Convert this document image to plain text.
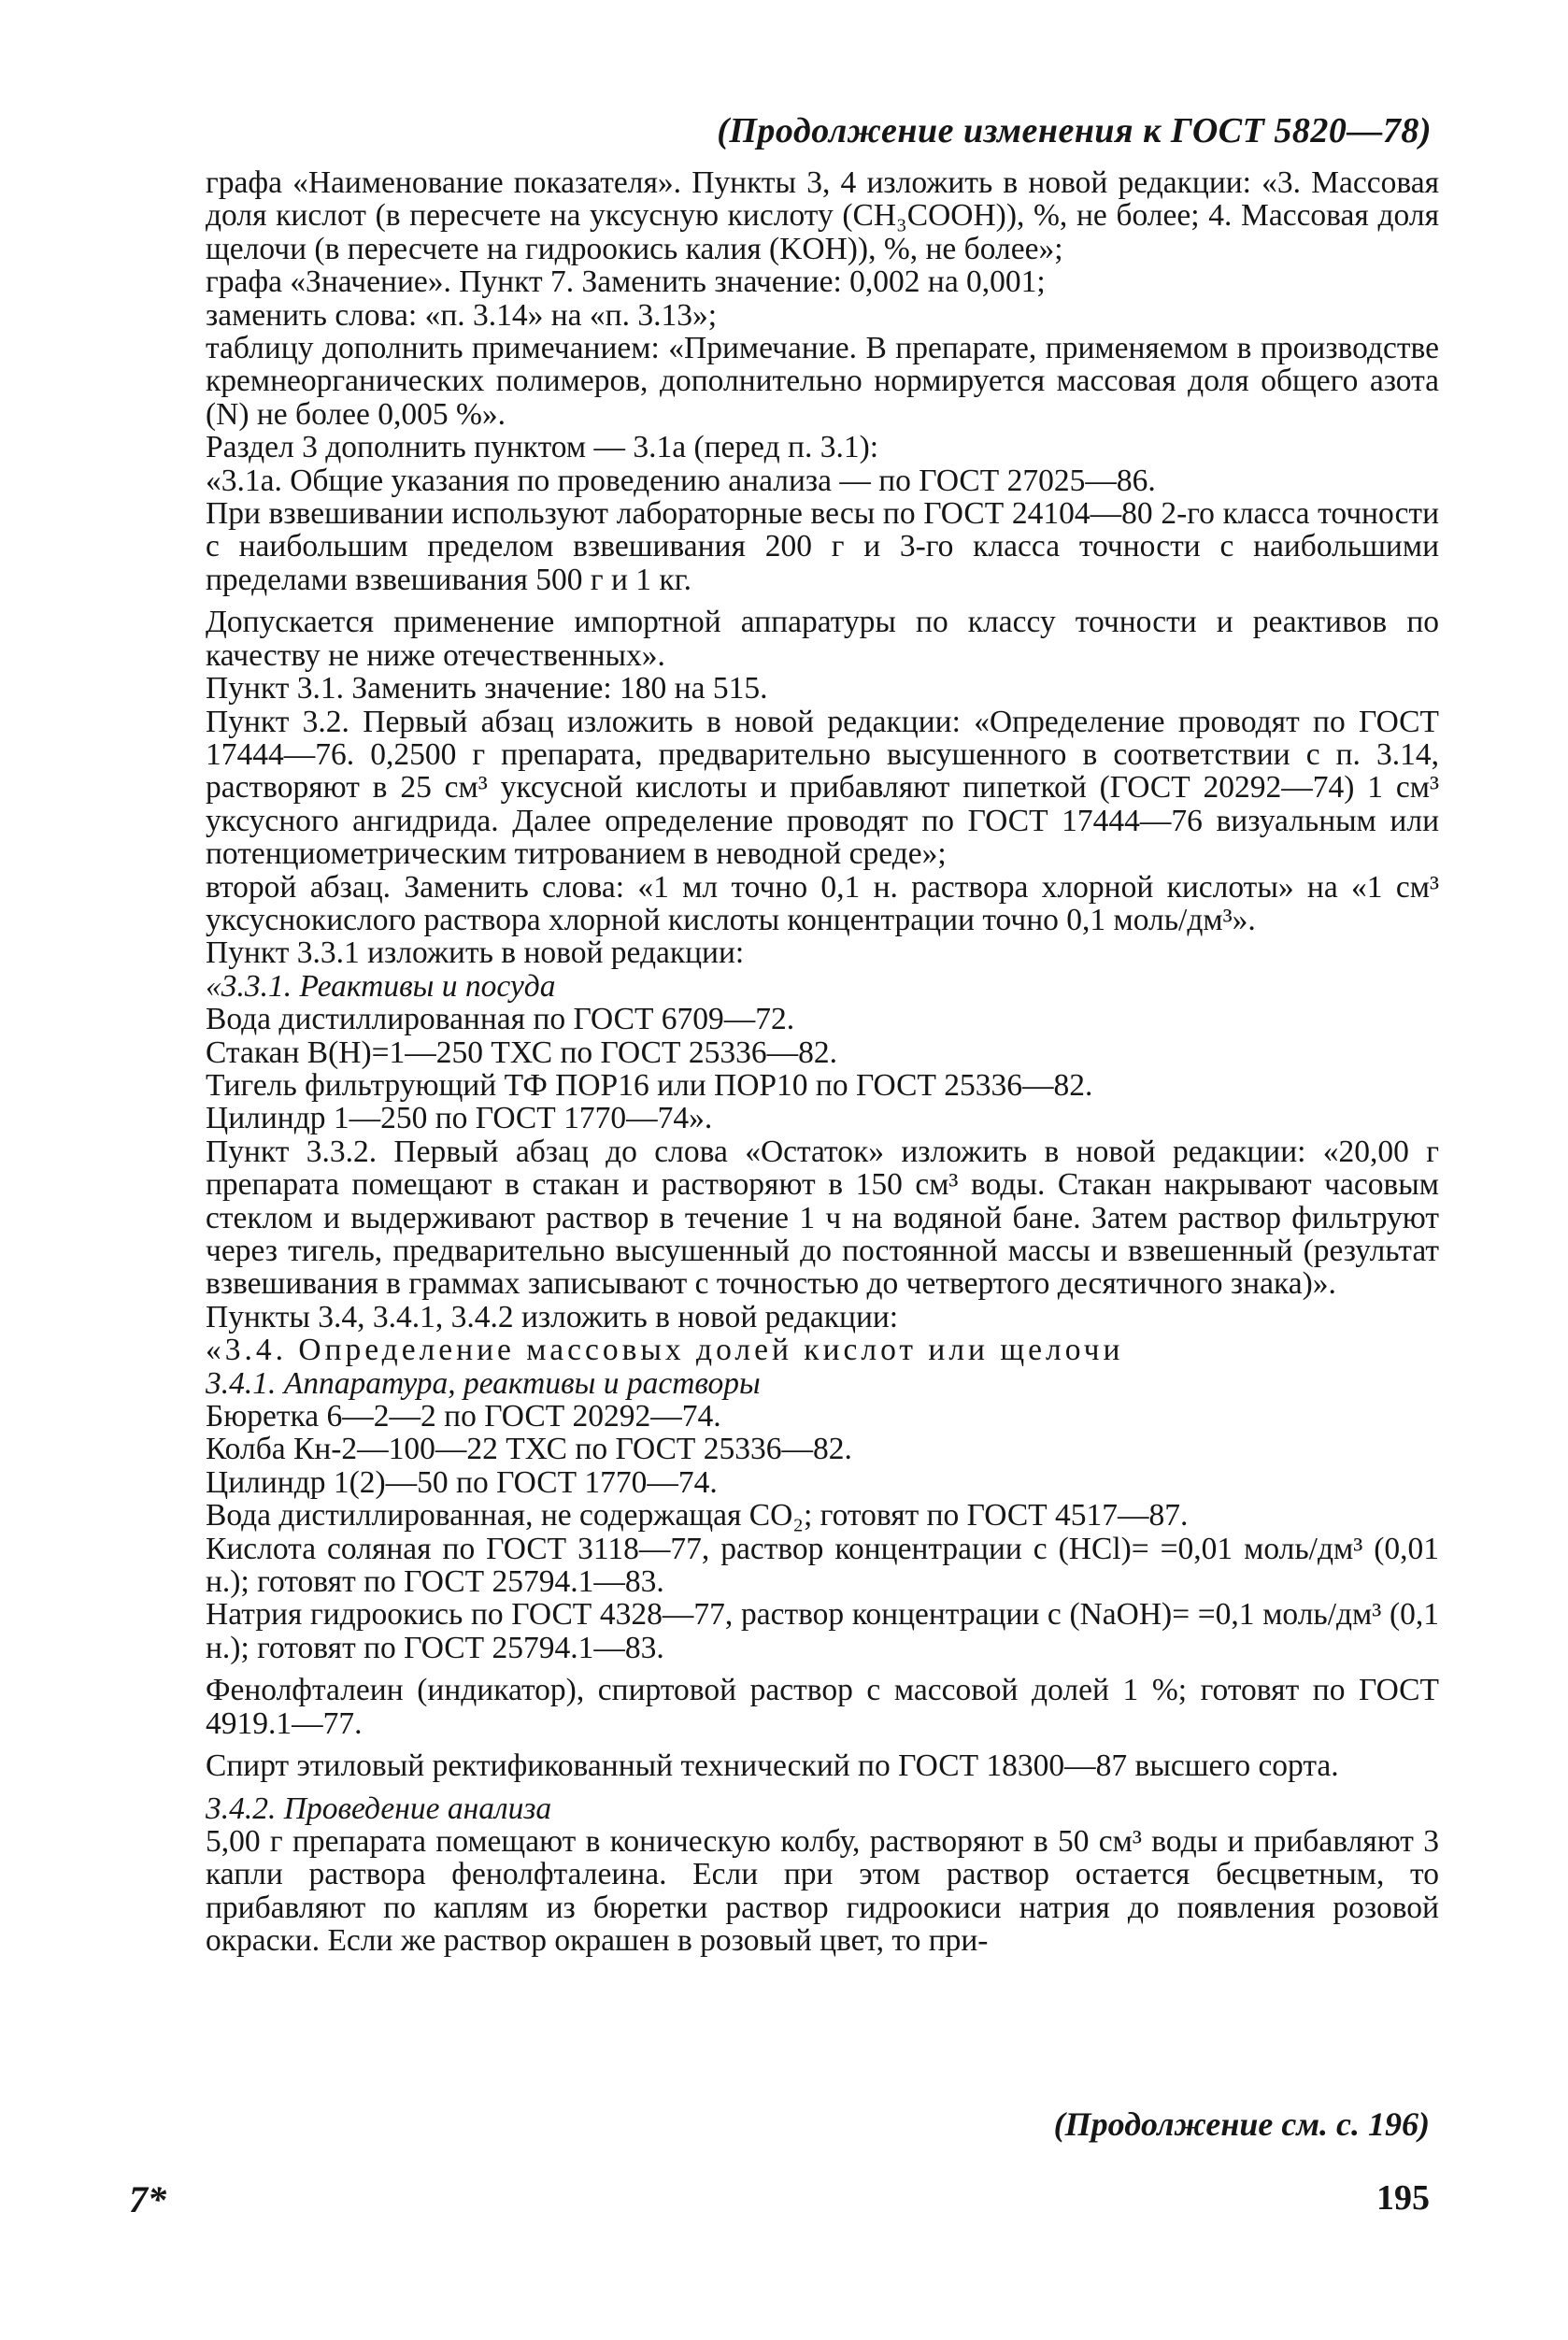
(Продолжение изменения к ГОСТ 5820—78)

графа «Наименование показателя». Пункты 3, 4 изложить в новой редакции: «3. Массовая доля кислот (в пересчете на уксусную кислоту (CH₃COOH)), %, не более; 4. Массовая доля щелочи (в пересчете на гидроокись калия (KOH)), %, не более»;

графа «Значение». Пункт 7. Заменить значение: 0,002 на 0,001;

заменить слова: «п. 3.14» на «п. 3.13»;

таблицу дополнить примечанием: «Примечание. В препарате, применяемом в производстве кремнеорганических полимеров, дополнительно нормируется массовая доля общего азота (N) не более 0,005 %».

Раздел 3 дополнить пунктом — 3.1а (перед п. 3.1):

«3.1а. Общие указания по проведению анализа — по ГОСТ 27025—86.

При взвешивании используют лабораторные весы по ГОСТ 24104—80 2-го класса точности с наибольшим пределом взвешивания 200 г и 3-го класса точности с наибольшими пределами взвешивания 500 г и 1 кг.

Допускается применение импортной аппаратуры по классу точности и реактивов по качеству не ниже отечественных».

Пункт 3.1. Заменить значение: 180 на 515.

Пункт 3.2. Первый абзац изложить в новой редакции: «Определение проводят по ГОСТ 17444—76. 0,2500 г препарата, предварительно высушенного в соответствии с п. 3.14, растворяют в 25 см³ уксусной кислоты и прибавляют пипеткой (ГОСТ 20292—74) 1 см³ уксусного ангидрида. Далее определение проводят по ГОСТ 17444—76 визуальным или потенциометрическим титрованием в неводной среде»;

второй абзац. Заменить слова: «1 мл точно 0,1 н. раствора хлорной кислоты» на «1 см³ уксуснокислого раствора хлорной кислоты концентрации точно 0,1 моль/дм³».

Пункт 3.3.1 изложить в новой редакции:

«3.3.1. Реактивы и посуда

Вода дистиллированная по ГОСТ 6709—72.

Стакан В(Н)=1—250 ТХС по ГОСТ 25336—82.

Тигель фильтрующий ТФ ПОР16 или ПОР10 по ГОСТ 25336—82.

Цилиндр 1—250 по ГОСТ 1770—74».

Пункт 3.3.2. Первый абзац до слова «Остаток» изложить в новой редакции: «20,00 г препарата помещают в стакан и растворяют в 150 см³ воды. Стакан накрывают часовым стеклом и выдерживают раствор в течение 1 ч на водяной бане. Затем раствор фильтруют через тигель, предварительно высушенный до постоянной массы и взвешенный (результат взвешивания в граммах записывают с точностью до четвертого десятичного знака)».

Пункты 3.4, 3.4.1, 3.4.2 изложить в новой редакции:

«3.4. Определение массовых долей кислот или щелочи

3.4.1. Аппаратура, реактивы и растворы

Бюретка 6—2—2 по ГОСТ 20292—74.

Колба Кн-2—100—22 ТХС по ГОСТ 25336—82.

Цилиндр 1(2)—50 по ГОСТ 1770—74.

Вода дистиллированная, не содержащая CO₂; готовят по ГОСТ 4517—87.

Кислота соляная по ГОСТ 3118—77, раствор концентрации c (HCl)= =0,01 моль/дм³ (0,01 н.); готовят по ГОСТ 25794.1—83.

Натрия гидроокись по ГОСТ 4328—77, раствор концентрации c (NaOH)= =0,1 моль/дм³ (0,1 н.); готовят по ГОСТ 25794.1—83.

Фенолфталеин (индикатор), спиртовой раствор с массовой долей 1 %; готовят по ГОСТ 4919.1—77.

Спирт этиловый ректификованный технический по ГОСТ 18300—87 высшего сорта.

3.4.2. Проведение анализа

5,00 г препарата помещают в коническую колбу, растворяют в 50 см³ воды и прибавляют 3 капли раствора фенолфталеина. Если при этом раствор остается бесцветным, то прибавляют по каплям из бюретки раствор гидроокиси натрия до появления розовой окраски. Если же раствор окрашен в розовый цвет, то при-

(Продолжение см. с. 196)
7*	195
